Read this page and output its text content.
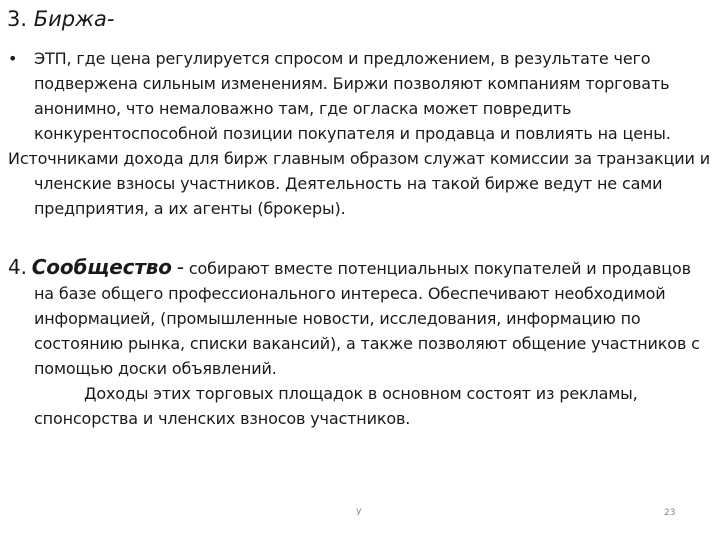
3. Биржа-
• ЭТП, где цена регулируется спросом и предложением, в результате чего подвержена сильным изменениям. Биржи позволяют компаниям торговать анонимно, что немаловажно там, где огласка может повредить конкурентоспособной позиции покупателя и продавца и повлиять на цены.
Источниками дохода для бирж главным образом служат комиссии за транзакции и членские взносы участников. Деятельность на такой бирже ведут не сами предприятия, а их агенты (брокеры).
4. Сообщество - собирают вместе потенциальных покупателей и продавцов
на базе общего профессионального интереса. Обеспечивают необходимой информацией, (промышленные новости, исследования, информацию по состоянию рынка, списки вакансий), а также позволяют общение участников с помощью доски объявлений.
Доходы этих торговых площадок в основном состоят из рекламы, спонсорства и членских взносов участников.
У	23
